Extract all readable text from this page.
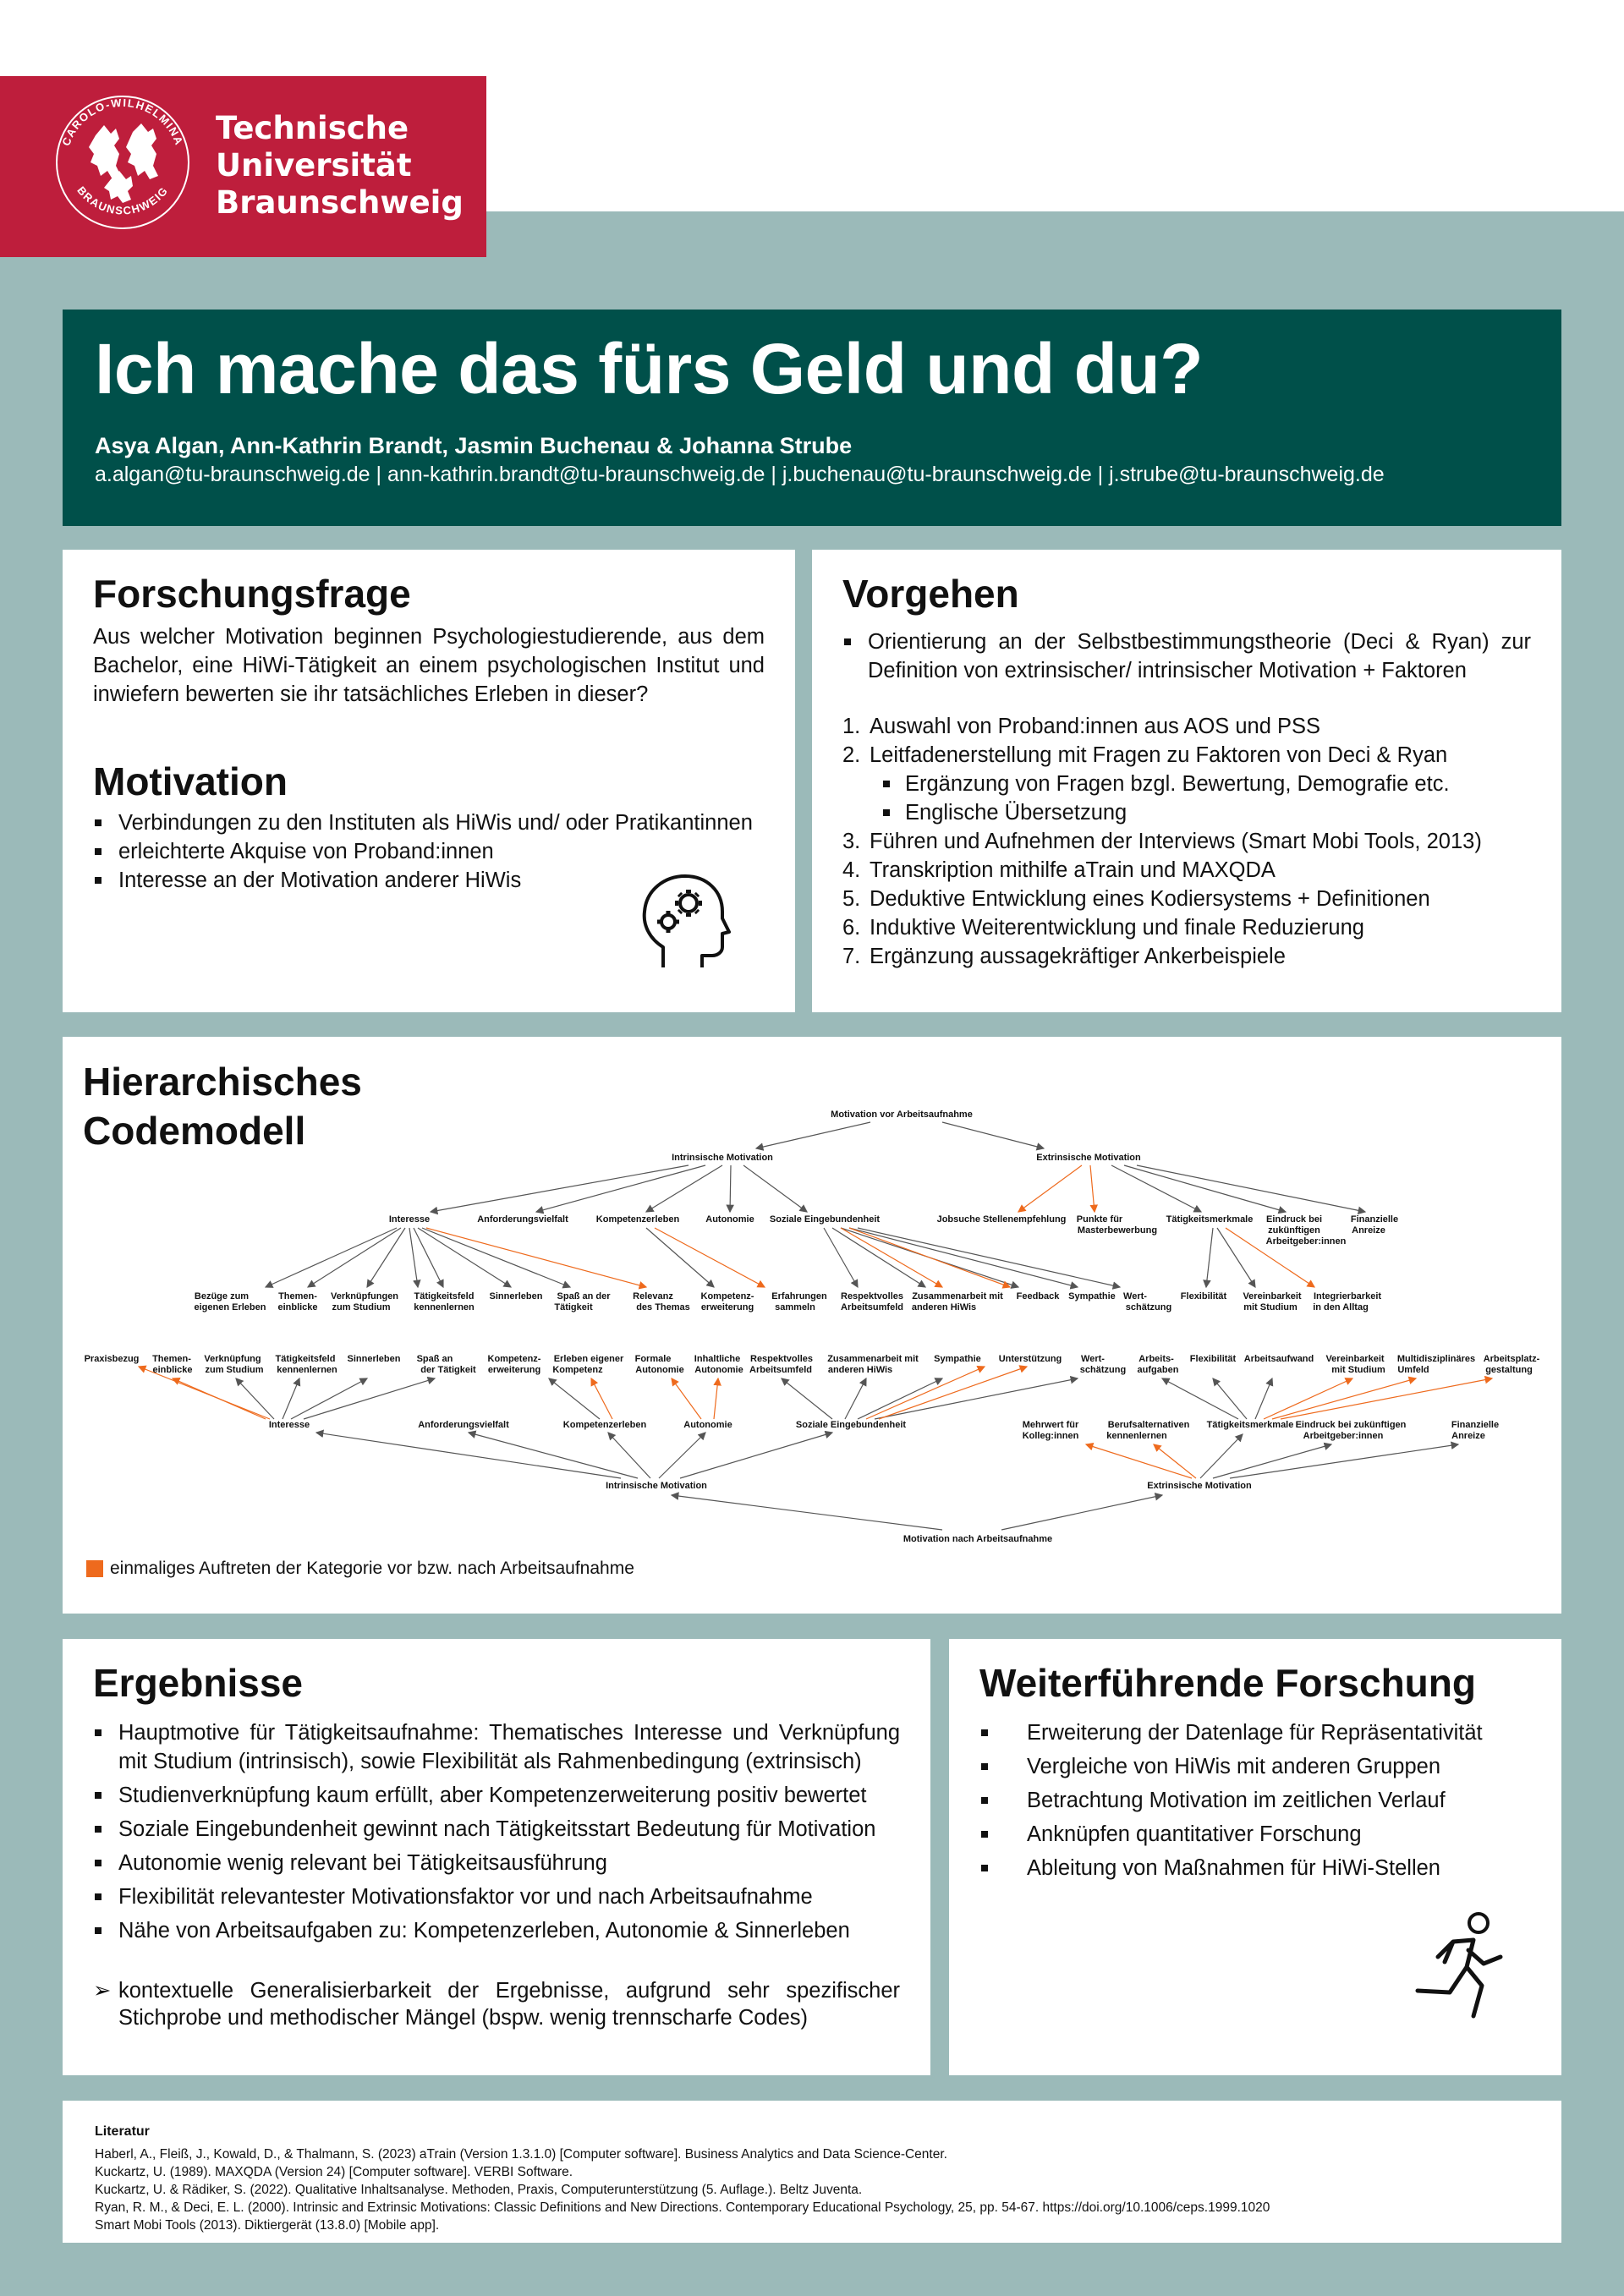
CAROLO-WILHELMINA
BRAUNSCHWEIG
Technische
Universität
Braunschweig
Ich mache das fürs Geld und du?
Asya Algan, Ann-Kathrin Brandt, Jasmin Buchenau & Johanna Strube
a.algan@tu-braunschweig.de | ann-kathrin.brandt@tu-braunschweig.de | j.buchenau@tu-braunschweig.de | j.strube@tu-braunschweig.de
Forschungsfrage

Aus welcher Motivation beginnen Psychologiestudierende, aus dem Bachelor, eine HiWi-Tätigkeit an einem psychologischen Institut und inwiefern bewerten sie ihr tatsächliches Erleben in dieser?

Motivation
Verbindungen zu den Instituten als HiWis und/ oder Pratikantinnen
erleichterte Akquise von Proband:innen
Interesse an der Motivation anderer HiWis
Vorgehen
Orientierung an der Selbstbestimmungstheorie (Deci & Ryan) zur Definition von extrinsischer/ intrinsischer Motivation + Faktoren
1. Auswahl von Proband:innen aus AOS und PSS
2. Leitfadenerstellung mit Fragen zu Faktoren von Deci & Ryan
Ergänzung von Fragen bzgl. Bewertung, Demografie etc.
Englische Übersetzung
3. Führen und Aufnehmen der Interviews (Smart Mobi Tools, 2013)
4. Transkription mithilfe aTrain und MAXQDA
5. Deduktive Entwicklung eines Kodiersystems + Definitionen
6. Induktive Weiterentwicklung und finale Reduzierung
7. Ergänzung aussagekräftiger Ankerbeispiele
Hierarchisches
Codemodell	Motivation vor Arbeitsaufnahme
Intrinsische Motivation	Extrinsische Motivation
Interesse	Anforderungsvielfalt	Kompetenzerleben	Autonomie Soziale Eingebundenheit	Jobsuche Stellenempfehlung Punkte für
Masterbewerbung
Tätigkeitsmerkmale Eindruck bei
zukünftigen
Arbeitgeber:innen
Finanzielle
Anreize
Bezüge zum
eigenen Erleben
Themen-
einblicke
Verknüpfungen
zum Studium
Tätigkeitsfeld
kennenlernen
Sinnerleben Spaß an der
Tätigkeit
Relevanz
des Themas
Kompetenz-
erweiterung
Erfahrungen
sammeln
Respektvolles
Arbeitsumfeld
Zusammenarbeit mit
anderen HiWis
Feedback Sympathie Wert-
schätzung
Flexibilität Vereinbarkeit
mit Studium
Integrierbarkeit
in den Alltag
Praxisbezug Themen-
einblicke
Verknüpfung
zum Studium
Tätigkeitsfeld
kennenlernen
Sinnerleben Spaß an
der Tätigkeit
Kompetenz-
erweiterung
Erleben eigener
Kompetenz
Formale
Autonomie
Inhaltliche
Autonomie
Respektvolles
Arbeitsumfeld
Zusammenarbeit mit
anderen HiWis
Sympathie Unterstützung Wert-
schätzung
Arbeits-
aufgaben
Flexibilität Arbeitsaufwand Vereinbarkeit
mit Studium
Multidisziplinäres
Umfeld
Arbeitsplatz-
gestaltung
Interesse	Anforderungsvielfalt	Kompetenzerleben	Autonomie	Soziale Eingebundenheit	Mehrwert für
Kolleg:innen
Berufsalternativen
kennenlernen
Tätigkeitsmerkmale Eindruck bei zukünftigen
Arbeitgeber:innen
Finanzielle
Anreize
Intrinsische Motivation	Extrinsische Motivation
Motivation nach Arbeitsaufnahme
einmaliges Auftreten der Kategorie vor bzw. nach Arbeitsaufnahme
Ergebnisse
Hauptmotive für Tätigkeitsaufnahme: Thematisches Interesse und Verknüpfung mit Studium (intrinsisch), sowie Flexibilität als Rahmenbedingung (extrinsisch)
Studienverknüpfung kaum erfüllt, aber Kompetenzerweiterung positiv bewertet
Soziale Eingebundenheit gewinnt nach Tätigkeitsstart Bedeutung für Motivation
Autonomie wenig relevant bei Tätigkeitsausführung
Flexibilität relevantester Motivationsfaktor vor und nach Arbeitsaufnahme
Nähe von Arbeitsaufgaben zu: Kompetenzerleben, Autonomie & Sinnerleben
➢ kontextuelle Generalisierbarkeit der Ergebnisse, aufgrund sehr spezifischer Stichprobe und methodischer Mängel (bspw. wenig trennscharfe Codes)
Weiterführende Forschung
Erweiterung der Datenlage für Repräsentativität
Vergleiche von HiWis mit anderen Gruppen
Betrachtung Motivation im zeitlichen Verlauf
Anknüpfen quantitativer Forschung
Ableitung von Maßnahmen für HiWi-Stellen
Literatur
Haberl, A., Fleiß, J., Kowald, D., & Thalmann, S. (2023) aTrain (Version 1.3.1.0) [Computer software]. Business Analytics and Data Science-Center.
Kuckartz, U. (1989). MAXQDA (Version 24) [Computer software]. VERBI Software.
Kuckartz, U. & Rädiker, S. (2022). Qualitative Inhaltsanalyse. Methoden, Praxis, Computerunterstützung (5. Auflage.). Beltz Juventa.
Ryan, R. M., & Deci, E. L. (2000). Intrinsic and Extrinsic Motivations: Classic Definitions and New Directions. Contemporary Educational Psychology, 25, pp. 54-67. https://doi.org/10.1006/ceps.1999.1020
Smart Mobi Tools (2013). Diktiergerät (13.8.0) [Mobile app].
